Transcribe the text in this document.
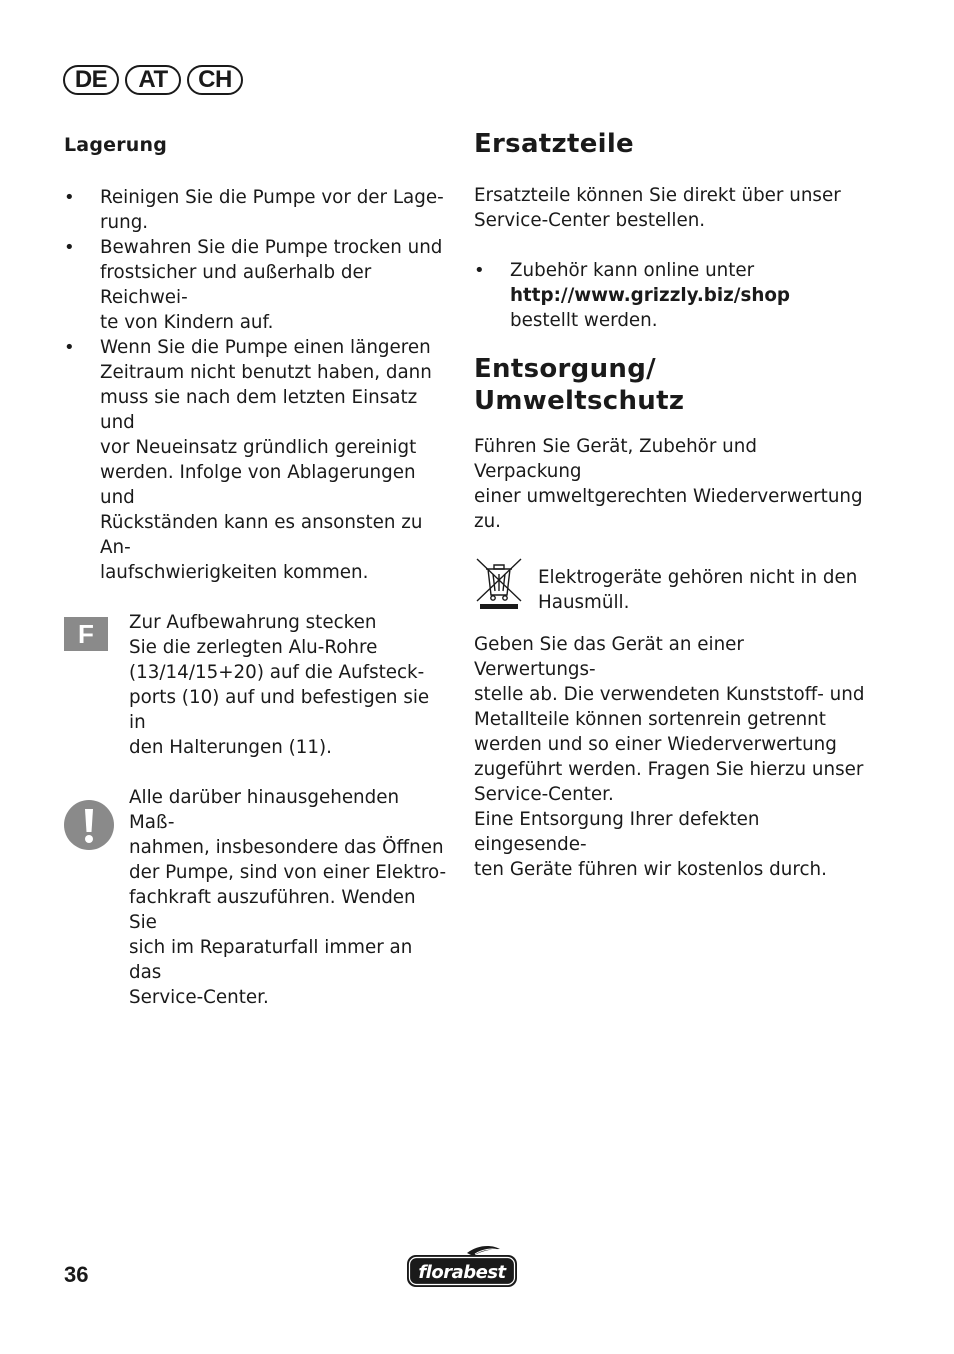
DE	AT	CH
Lagerung
• Reinigen Sie die Pumpe vor der Lage-
rung.
• Bewahren Sie die Pumpe trocken und
frostsicher und außerhalb der Reichwei-
te von Kindern auf.
• Wenn Sie die Pumpe einen längeren
Zeitraum nicht benutzt haben, dann
muss sie nach dem letzten Einsatz und
vor Neueinsatz gründlich gereinigt
werden. Infolge von Ablagerungen und
Rückständen kann es ansonsten zu An-
laufschwierigkeiten kommen.
F	Zur Aufbewahrung stecken
Sie die zerlegten Alu-Rohre
(13/14/15+20) auf die Aufsteck-
ports (10) auf und befestigen sie in
den Halterungen (11).

Alle darüber hinausgehenden Maß-
nahmen, insbesondere das Öffnen
der Pumpe, sind von einer Elektro-
fachkraft auszuführen. Wenden Sie
sich im Reparaturfall immer an das
Service-Center.

Ersatzteile

Ersatzteile können Sie direkt über unser
Service-Center bestellen.

• Zubehör kann online unter
http://www.grizzly.biz/shop
bestellt werden.
Entsorgung/
Umweltschutz

Führen Sie Gerät, Zubehör und Verpackung
einer umweltgerechten Wiederverwertung
zu.

Elektrogeräte gehören nicht in den
Hausmüll.

Geben Sie das Gerät an einer Verwertungs-
stelle ab. Die verwendeten Kunststoff- und
Metallteile können sortenrein getrennt
werden und so einer Wiederverwertung
zugeführt werden. Fragen Sie hierzu unser
Service-Center.
Eine Entsorgung Ihrer defekten eingesende-
ten Geräte führen wir kostenlos durch.

36	florabest
